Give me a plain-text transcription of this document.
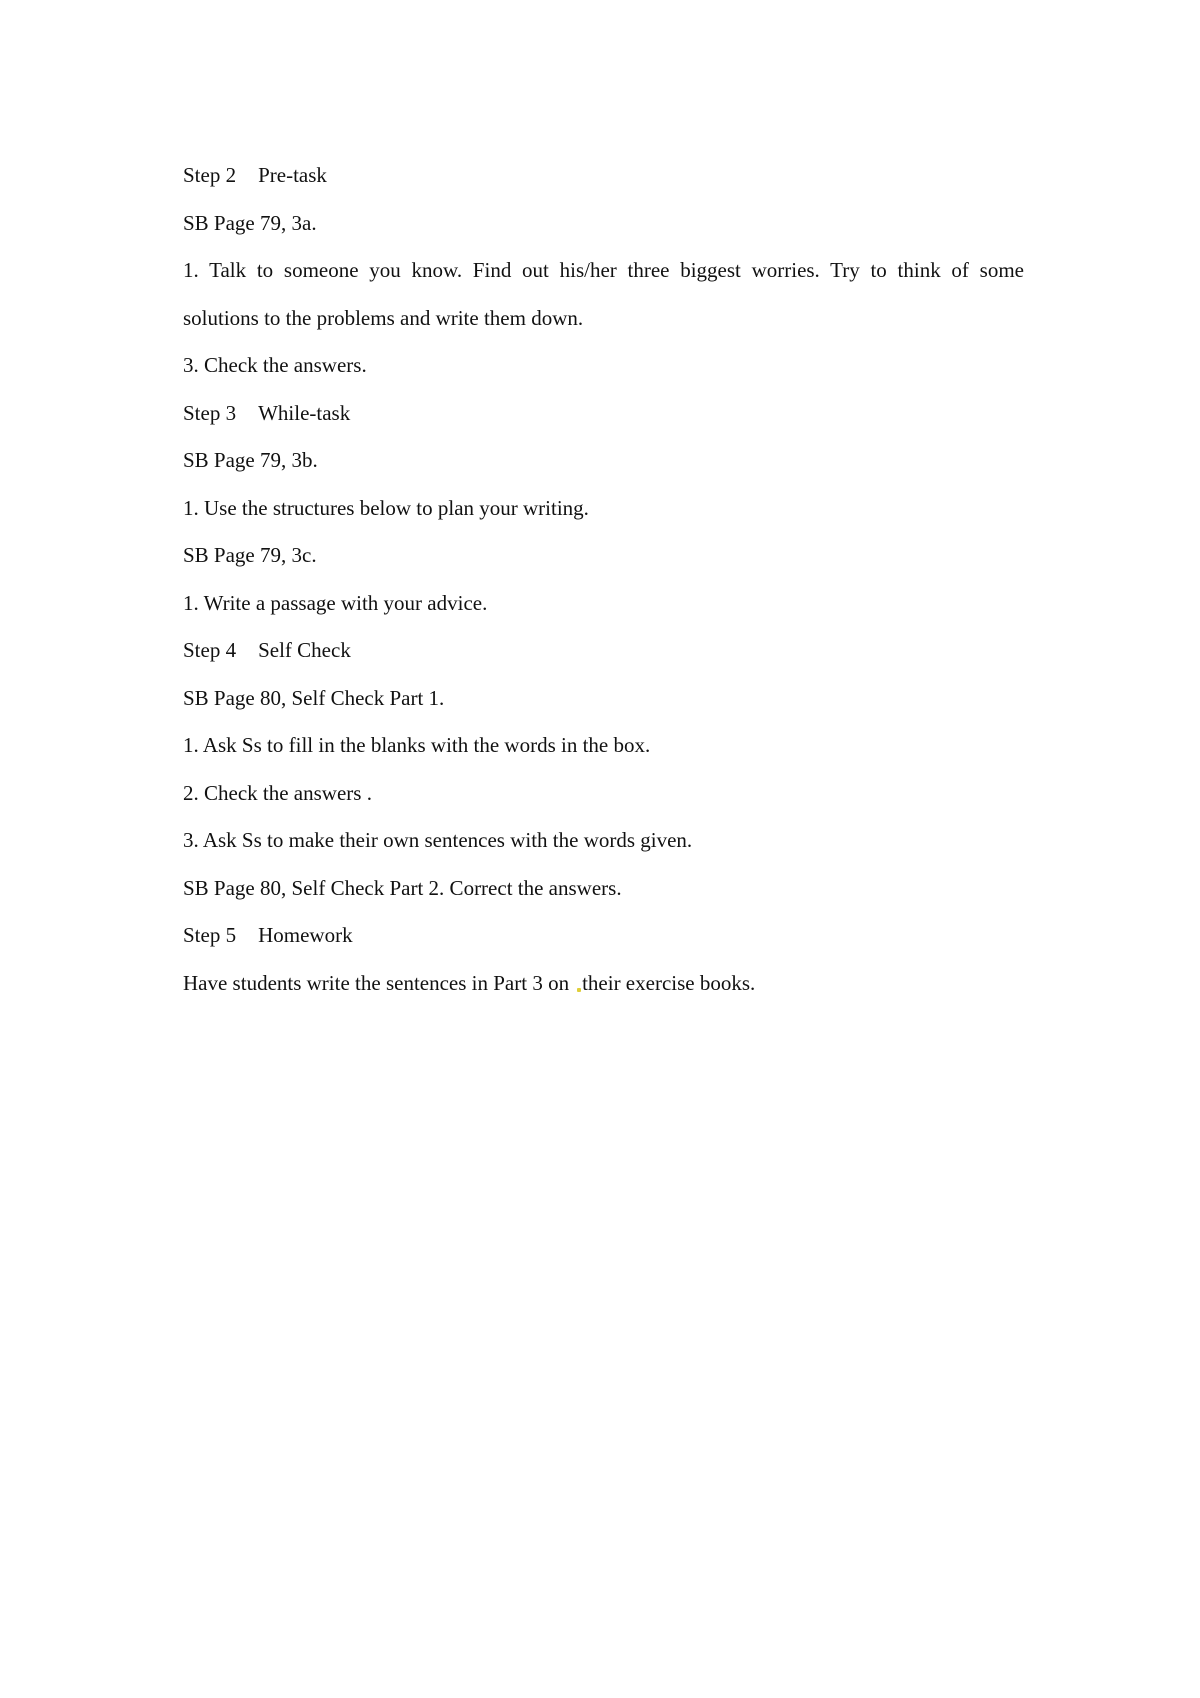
Step 2 Pre-task
SB Page 79, 3a.
1. Talk to someone you know. Find out his/her three biggest worries. Try to think of some
solutions to the problems and write them down.
3. Check the answers.
Step 3 While-task
SB Page 79, 3b.
1. Use the structures below to plan your writing.
SB Page 79, 3c.
1. Write a passage with your advice.
Step 4 Self Check
SB Page 80, Self Check Part 1.
1. Ask Ss to fill in the blanks with the words in the box.
2. Check the answers .
3. Ask Ss to make their own sentences with the words given.
SB Page 80, Self Check Part 2. Correct the answers.
Step 5 Homework
Have students write the sentences in Part 3 on their exercise books.
